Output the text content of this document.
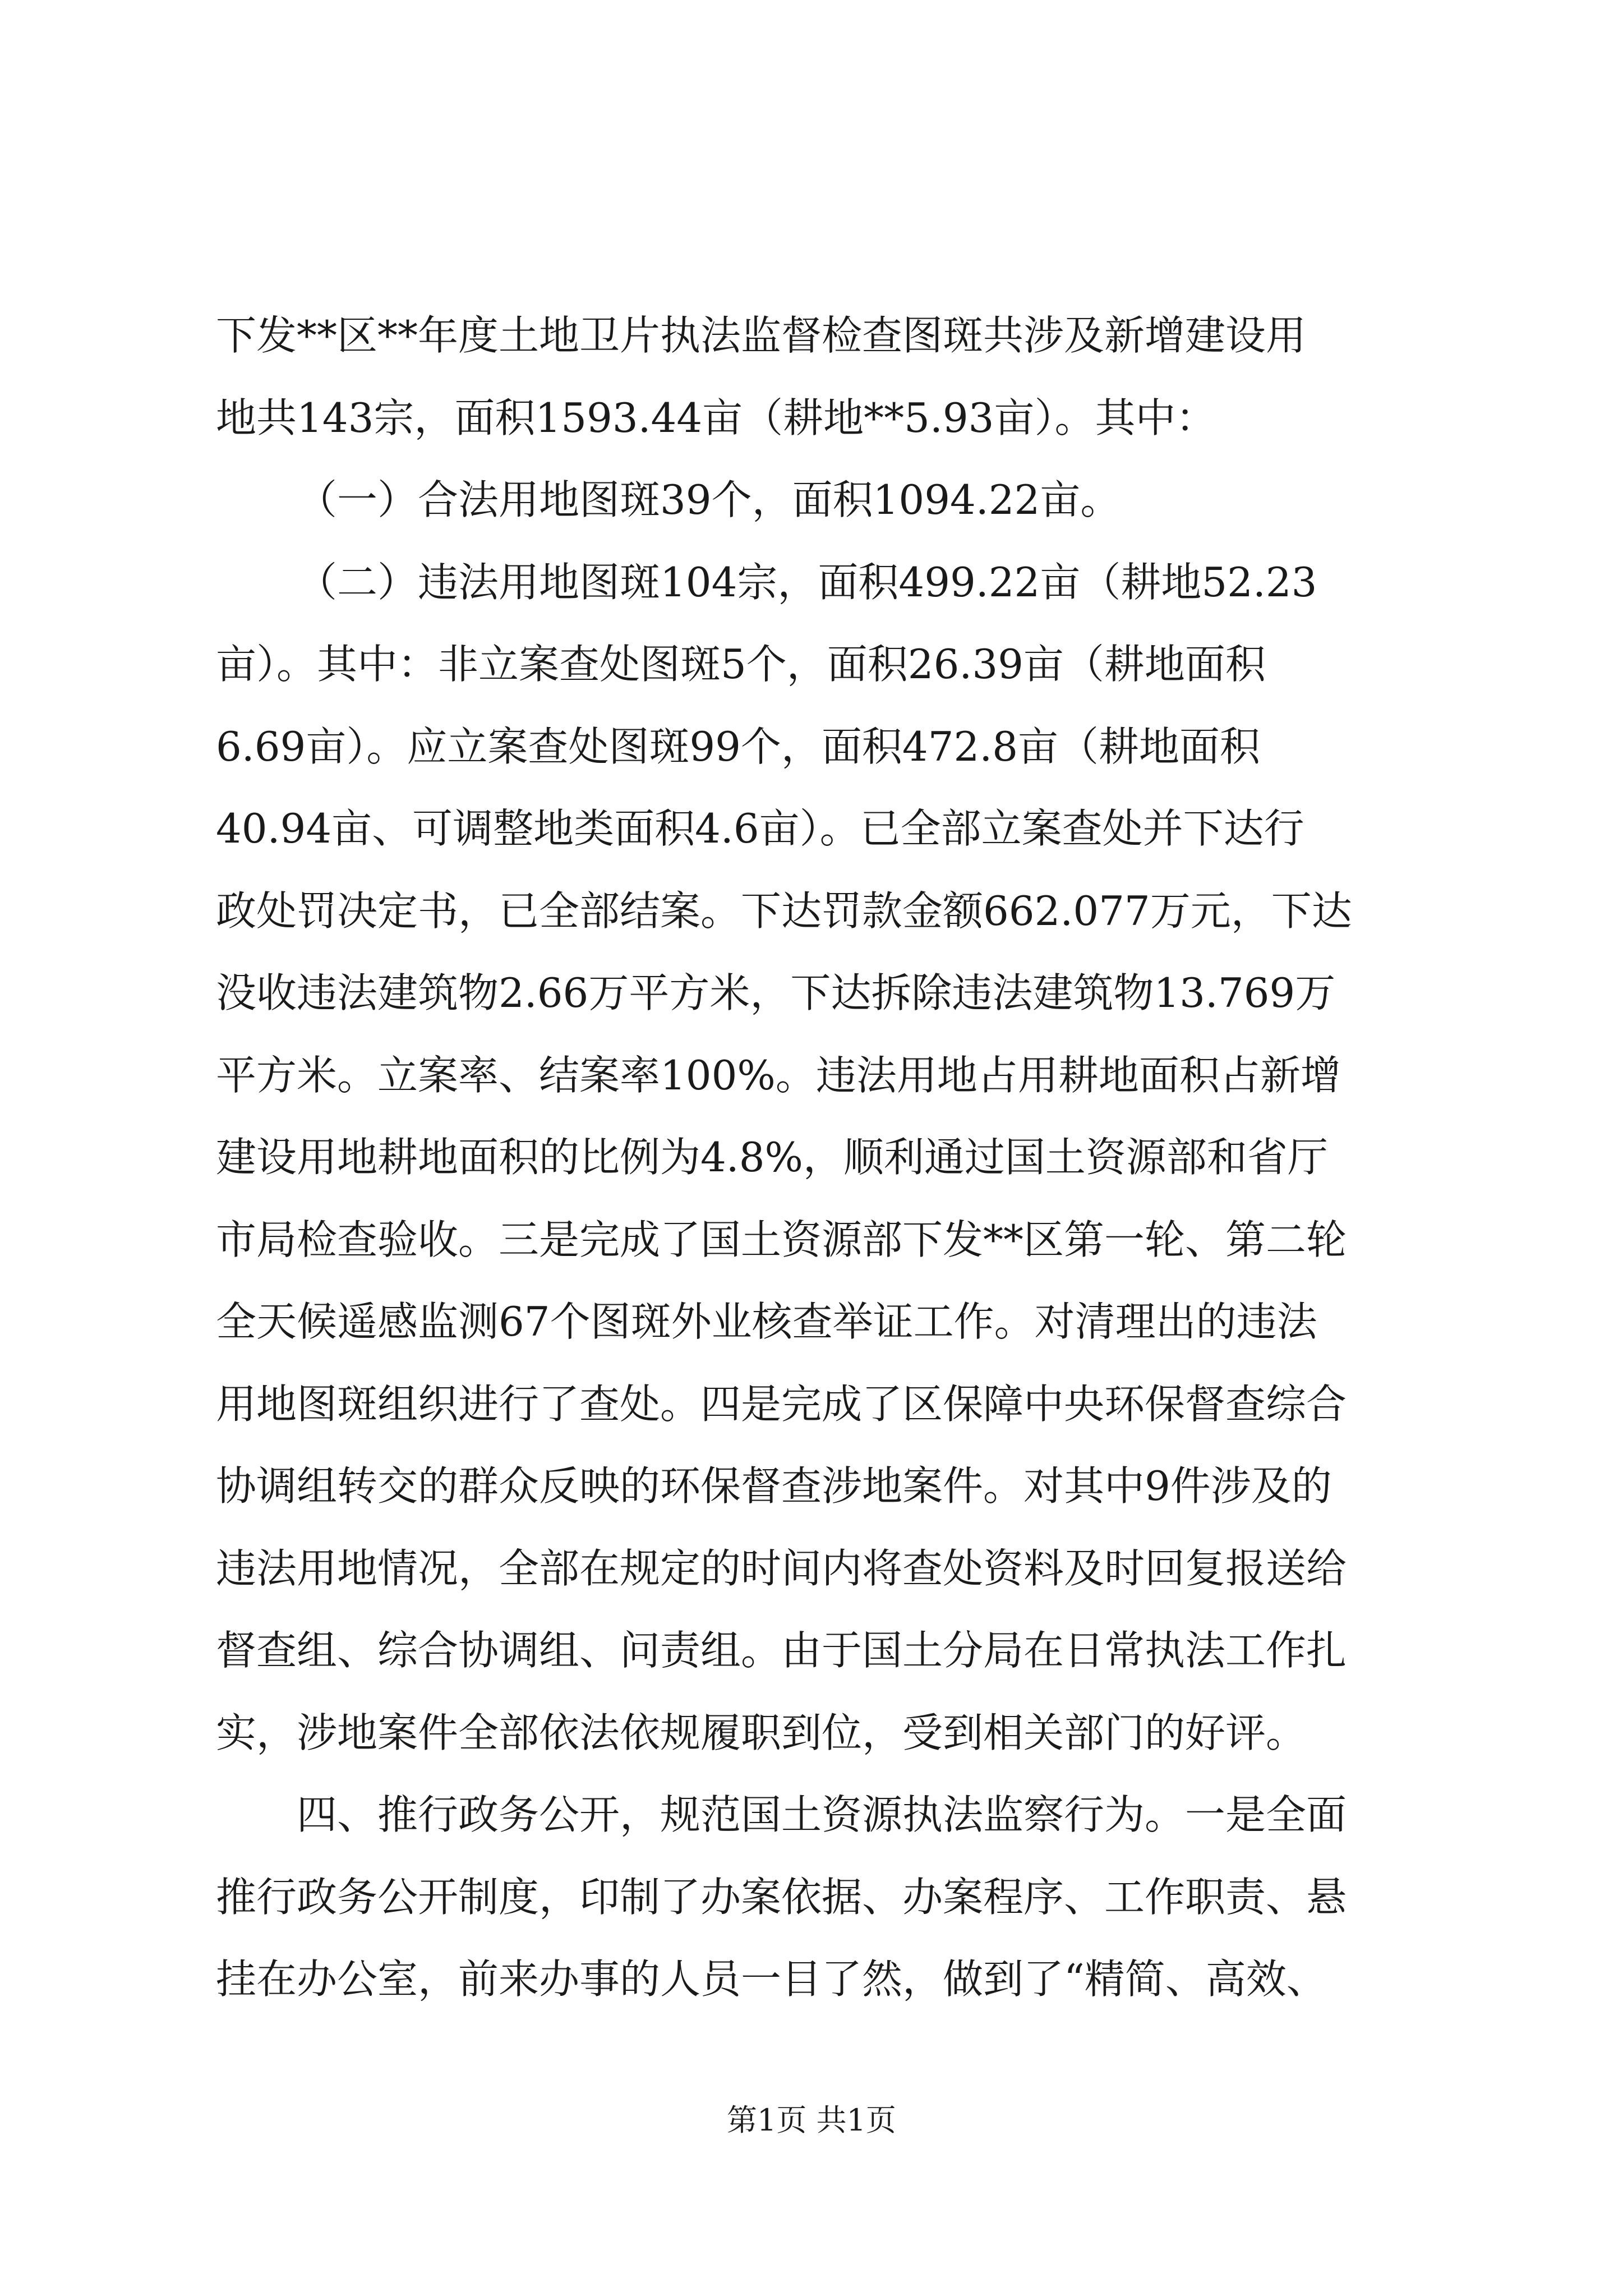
下发**区**年度土地卫片执法监督检查图斑共涉及新增建设用
地共143宗，面积1593.44亩（耕地**5.93亩）。其中：
（一）合法用地图斑39个，面积1094.22亩。
（二）违法用地图斑104宗，面积499.22亩（耕地52.23
亩）。其中：非立案查处图斑5个，面积26.39亩（耕地面积
6.69亩）。应立案查处图斑99个，面积472.8亩（耕地面积
40.94亩、可调整地类面积4.6亩）。已全部立案查处并下达行
政处罚决定书，已全部结案。下达罚款金额662.077万元，下达
没收违法建筑物2.66万平方米，下达拆除违法建筑物13.769万
平方米。立案率、结案率100%。违法用地占用耕地面积占新增
建设用地耕地面积的比例为4.8%，顺利通过国土资源部和省厅
市局检查验收。三是完成了国土资源部下发**区第一轮、第二轮
全天候遥感监测67个图斑外业核查举证工作。对清理出的违法
用地图斑组织进行了查处。四是完成了区保障中央环保督查综合
协调组转交的群众反映的环保督查涉地案件。对其中9件涉及的
违法用地情况，全部在规定的时间内将查处资料及时回复报送给
督查组、综合协调组、问责组。由于国土分局在日常执法工作扎
实，涉地案件全部依法依规履职到位，受到相关部门的好评。
四、推行政务公开，规范国土资源执法监察行为。一是全面
推行政务公开制度，印制了办案依据、办案程序、工作职责、悬
挂在办公室，前来办事的人员一目了然，做到了“精简、高效、
第1页 共1页
